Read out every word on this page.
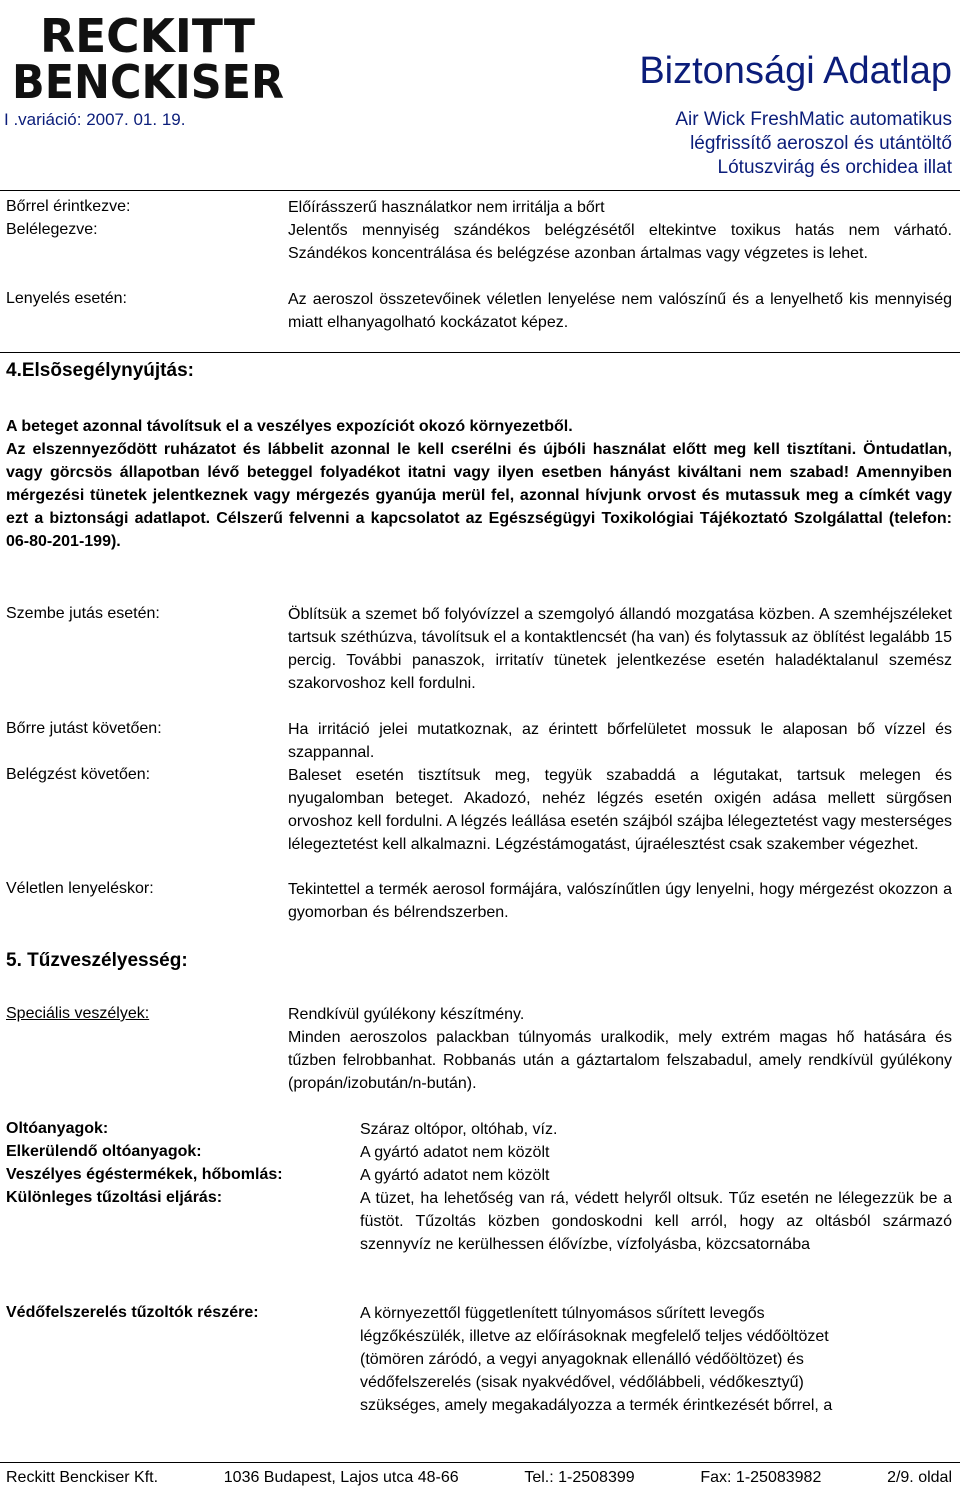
RECKITT
BENCKISER
I .variáció: 2007. 01. 19.
Biztonsági Adatlap
Air Wick FreshMatic automatikus
légfrissítő aeroszol és utántöltő
Lótuszvirág és orchidea illat
Bőrrel érintkezve:	Előírásszerű használatkor nem irritálja a bőrt
Belélegezve:	Jelentős mennyiség szándékos belégzésétől eltekintve toxikus hatás nem várható. Szándékos koncentrálása és belégzése azonban ártalmas vagy végzetes is lehet.
Lenyelés esetén:	Az aeroszol összetevőinek véletlen lenyelése nem valószínű és a lenyelhető kis mennyiség miatt elhanyagolható kockázatot képez.
4.Elsõsegélynyújtás:
A beteget azonnal távolítsuk el a veszélyes expozíciót okozó környezetből.
Az elszennyeződött ruházatot és lábbelit azonnal le kell cserélni és újbóli használat előtt meg kell tisztítani. Öntudatlan, vagy görcsös állapotban lévő beteggel folyadékot itatni vagy ilyen esetben hányást kiváltani nem szabad! Amennyiben mérgezési tünetek jelentkeznek vagy mérgezés gyanúja merül fel, azonnal hívjunk orvost és mutassuk meg a címkét vagy ezt a biztonsági adatlapot. Célszerű felvenni a kapcsolatot az Egészségügyi Toxikológiai Tájékoztató Szolgálattal (telefon: 06-80-201-199).
Szembe jutás esetén:	Öblítsük a szemet bő folyóvízzel a szemgolyó állandó mozgatása közben. A szemhéjszéleket tartsuk széthúzva, távolítsuk el a kontaktlencsét (ha van) és folytassuk az öblítést legalább 15 percig. További panaszok, irritatív tünetek jelentkezése esetén haladéktalanul szemész szakorvoshoz kell fordulni.
Bőrre jutást követően:	Ha irritáció jelei mutatkoznak, az érintett bőrfelületet mossuk le alaposan bő vízzel és szappannal.
Belégzést követően:	Baleset esetén tisztítsuk meg, tegyük szabaddá a légutakat, tartsuk melegen és nyugalomban beteget. Akadozó, nehéz légzés esetén oxigén adása mellett sürgősen orvoshoz kell fordulni. A légzés leállása esetén szájból szájba lélegeztetést vagy mesterséges lélegeztetést kell alkalmazni. Légzéstámogatást, újraélesztést csak szakember végezhet.
Véletlen lenyeléskor:	Tekintettel a termék aerosol formájára, valószínűtlen úgy lenyelni, hogy mérgezést okozzon a gyomorban és bélrendszerben.
5. Tűzveszélyesség:
Speciális veszélyek:	Rendkívül gyúlékony készítmény.
Minden aeroszolos palackban túlnyomás uralkodik, mely extrém magas hő hatására és tűzben felrobbanhat. Robbanás után a gáztartalom felszabadul, amely rendkívül gyúlékony (propán/izobután/n-bután).
Oltóanyagok:	Száraz oltópor, oltóhab, víz.
Elkerülendő oltóanyagok:	A gyártó adatot nem közölt
Veszélyes égéstermékek, hőbomlás:	A gyártó adatot nem közölt
Különleges tűzoltási eljárás:	A tüzet, ha lehetőség van rá, védett helyről oltsuk. Tűz esetén ne lélegezzük be a füstöt. Tűzoltás közben gondoskodni kell arról, hogy az oltásból származó szennyvíz ne kerülhessen élővízbe, vízfolyásba, közcsatornába
Védőfelszerelés tűzoltók részére:	A környezettől függetlenített túlnyomásos sűrített levegős
légzőkészülék, illetve az előírásoknak megfelelő teljes védőöltözet
(tömören záródó, a vegyi anyagoknak ellenálló védőöltözet) és
védőfelszerelés (sisak nyakvédővel, védőlábbeli, védőkesztyű)
szükséges, amely megakadályozza a termék érintkezését bőrrel, a
Reckitt Benckiser Kft.	1036 Budapest, Lajos utca 48-66	Tel.: 1-2508399	Fax: 1-25083982	2/9. oldal
